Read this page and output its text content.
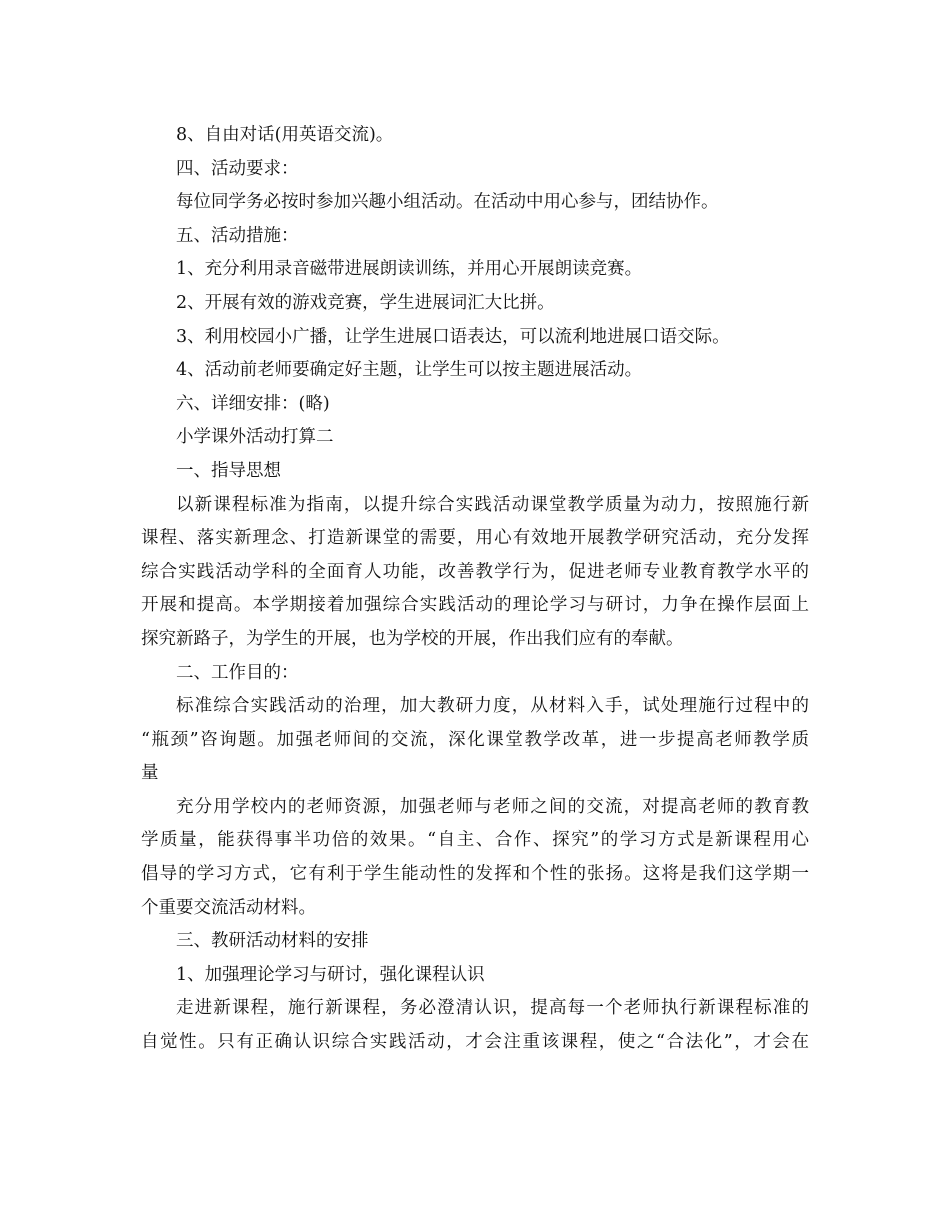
8、自由对话(用英语交流)。
四、活动要求：
每位同学务必按时参加兴趣小组活动。在活动中用心参与，团结协作。
五、活动措施：
1、充分利用录音磁带进展朗读训练，并用心开展朗读竞赛。
2、开展有效的游戏竞赛，学生进展词汇大比拼。
3、利用校园小广播，让学生进展口语表达，可以流利地进展口语交际。
4、活动前老师要确定好主题，让学生可以按主题进展活动。
六、详细安排：(略)
小学课外活动打算二
一、指导思想
以新课程标准为指南，以提升综合实践活动课堂教学质量为动力，按照施行新
课程、落实新理念、打造新课堂的需要，用心有效地开展教学研究活动，充分发挥
综合实践活动学科的全面育人功能，改善教学行为，促进老师专业教育教学水平的
开展和提高。本学期接着加强综合实践活动的理论学习与研讨，力争在操作层面上
探究新路子，为学生的开展，也为学校的开展，作出我们应有的奉献。
二、工作目的：
标准综合实践活动的治理，加大教研力度，从材料入手，试处理施行过程中的
“瓶颈”咨询题。加强老师间的交流，深化课堂教学改革，进一步提高老师教学质
量
充分用学校内的老师资源，加强老师与老师之间的交流，对提高老师的教育教
学质量，能获得事半功倍的效果。“自主、合作、探究”的学习方式是新课程用心
倡导的学习方式，它有利于学生能动性的发挥和个性的张扬。这将是我们这学期一
个重要交流活动材料。
三、教研活动材料的安排
1、加强理论学习与研讨，强化课程认识
走进新课程，施行新课程，务必澄清认识，提高每一个老师执行新课程标准的
自觉性。只有正确认识综合实践活动，才会注重该课程，使之“合法化”，才会在
